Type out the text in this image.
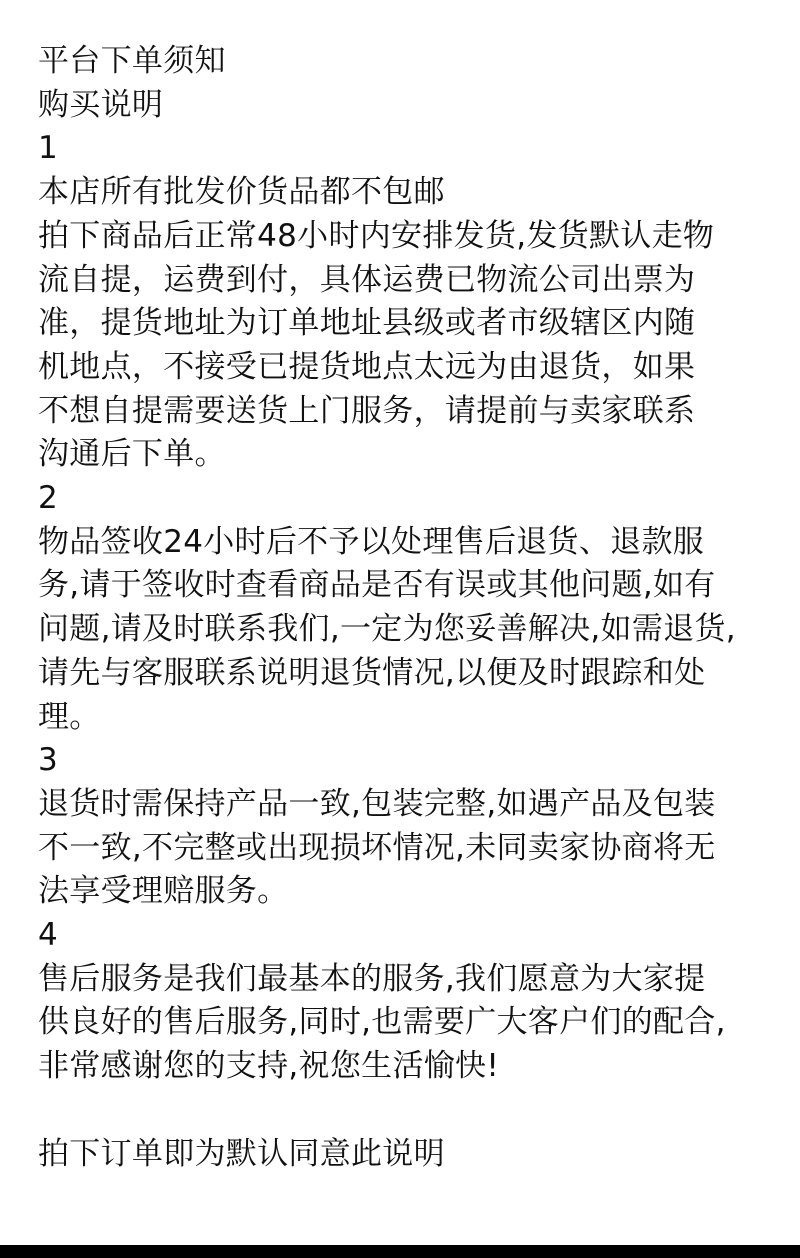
平台下单须知
购买说明
1
本店所有批发价货品都不包邮
拍下商品后正常48小时内安排发货,发货默认走物
流自提，运费到付，具体运费已物流公司出票为
准，提货地址为订单地址县级或者市级辖区内随
机地点，不接受已提货地点太远为由退货，如果
不想自提需要送货上门服务，请提前与卖家联系
沟通后下单。
2
物品签收24小时后不予以处理售后退货、退款服
务,请于签收时查看商品是否有误或其他问题,如有
问题,请及时联系我们,一定为您妥善解决,如需退货,
请先与客服联系说明退货情况,以便及时跟踪和处
理。
3
退货时需保持产品一致,包装完整,如遇产品及包装
不一致,不完整或出现损坏情况,未同卖家协商将无
法享受理赔服务。
4
售后服务是我们最基本的服务,我们愿意为大家提
供良好的售后服务,同时,也需要广大客户们的配合,
非常感谢您的支持,祝您生活愉快!
拍下订单即为默认同意此说明
